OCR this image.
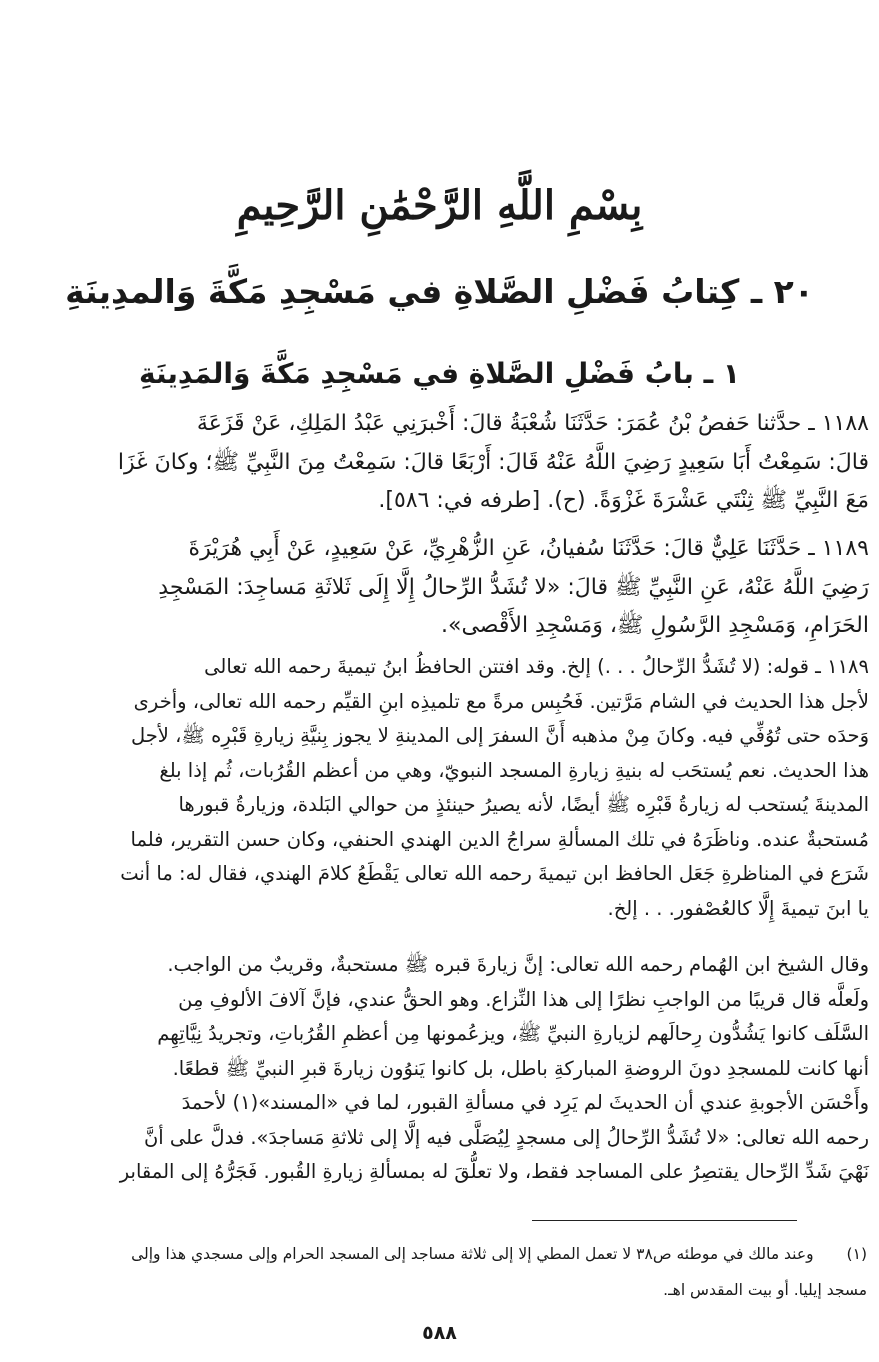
بِسْمِ اللَّهِ الرَّحْمَٰنِ الرَّحِيمِ
٢٠ ـ كِتابُ فَضْلِ الصَّلاةِ في مَسْجِدِ مَكَّةَ وَالمدِينَةِ
١ ـ بابُ فَضْلِ الصَّلاةِ في مَسْجِدِ مَكَّةَ وَالمَدِينَةِ
١١٨٨ ـ حدَّثنا حَفصُ بْنُ عُمَرَ: حَدَّثَنَا شُعْبَةُ قالَ: أَخْبرَنِي عَبْدُ المَلِكِ، عَنْ قَزَعَةَ
قالَ: سَمِعْتُ أَبَا سَعِيدٍ رَضِيَ اللَّهُ عَنْهُ قَالَ: أَرْبَعًا قالَ: سَمِعْتُ مِنَ النَّبِيِّ ﷺ؛ وكانَ غَزَا
مَعَ النَّبِيِّ ﷺ ثِنْتَي عَشْرَةَ غَزْوَةً. (ح). [طرفه في: ٥٨٦].
١١٨٩ ـ حَدَّثَنَا عَلِيٌّ قالَ: حَدَّثَنَا سُفيانُ، عَنِ الزُّهْرِيِّ، عَنْ سَعِيدٍ، عَنْ أَبِي هُرَيْرَةَ
رَضِيَ اللَّهُ عَنْهُ، عَنِ النَّبِيِّ ﷺ قالَ: «لا تُشَدُّ الرِّحالُ إِلَّا إِلَى ثَلاثَةِ مَساجِدَ: المَسْجِدِ
الحَرَامِ، وَمَسْجِدِ الرَّسُولِ ﷺ، وَمَسْجِدِ الأَقْصى».
١١٨٩ ـ قوله: (لا تُشَدُّ الرِّحالُ . . .) إلخ. وقد افتتن الحافظُ ابنُ تيميةَ رحمه الله تعالى
لأجل هذا الحديث في الشام مَرَّتين. فَحُبِس مرةً مع تلميذِه ابنِ القيِّم رحمه الله تعالى، وأخرى
وَحدَه حتى تُوُفِّي فيه. وكانَ مِنْ مذهبه أَنَّ السفرَ إلى المدينةِ لا يجوز بِنيَّةِ زيارةِ قَبْرِه ﷺ، لأجل
هذا الحديث. نعم يُستحَب له بنيةِ زيارةِ المسجد النبويّ، وهي من أعظم القُرُبات، ثُم إذا بلغ
المدينةَ يُستحب له زيارةُ قَبْرِه ﷺ أيضًا، لأنه يصيرُ حينئذٍ من حوالي البَلدة، وزيارةُ قبورها
مُستحبةٌ عنده. وناظَرَهُ في تلك المسألةِ سراجُ الدين الهندي الحنفي، وكان حسن التقرير، فلما
شَرَع في المناظرةِ جَعَل الحافظ ابن تيميةَ رحمه الله تعالى يَقْطَعُ كلامَ الهندي، فقال له: ما أنت
يا ابنَ تيميةَ إِلَّا كالعُصْفور. . . إلخ.
وقال الشيخ ابن الهُمام رحمه الله تعالى: إنَّ زيارةَ قبره ﷺ مستحبةٌ، وقريبٌ من الواجب.
ولَعلَّه قال قريبًا من الواجبِ نظرًا إلى هذا النِّزاع. وهو الحقُّ عندي، فإنَّ آلافَ الألوفِ مِن
السَّلَف كانوا يَشُدُّون رِحالَهم لزيارةِ النبيِّ ﷺ، ويزعُمونها مِن أعظمِ القُرُباتِ، وتجريدُ نِيَّاتِهِم
أنها كانت للمسجدِ دونَ الروضةِ المباركةِ باطل، بل كانوا يَنوُون زيارةَ قبرِ النبيِّ ﷺ قطعًا.
وأَحْسَن الأجوبةِ عندي أن الحديثَ لم يَرِد في مسألةِ القبور، لما في «المسند»(١) لأحمدَ
رحمه الله تعالى: «لا تُشَدُّ الرِّحالُ إلى مسجدٍ لِيُصَلَّى فيه إلَّا إلى ثلاثةِ مَساجدَ». فدلَّ على أنَّ
نَهْيَ شَدِّ الرِّحال يقتصِرُ على المساجد فقط، ولا تعلُّقَ له بمسألةِ زيارةِ القُبور. فَجَرُّهُ إلى المقابر
(١) وعند مالك في موطئه ص٣٨ لا تعمل المطي إلا إلى ثلاثة مساجد إلى المسجد الحرام وإلى مسجدي هذا وإلى
مسجد إيليا. أو بيت المقدس اهـ.
٥٨٨
